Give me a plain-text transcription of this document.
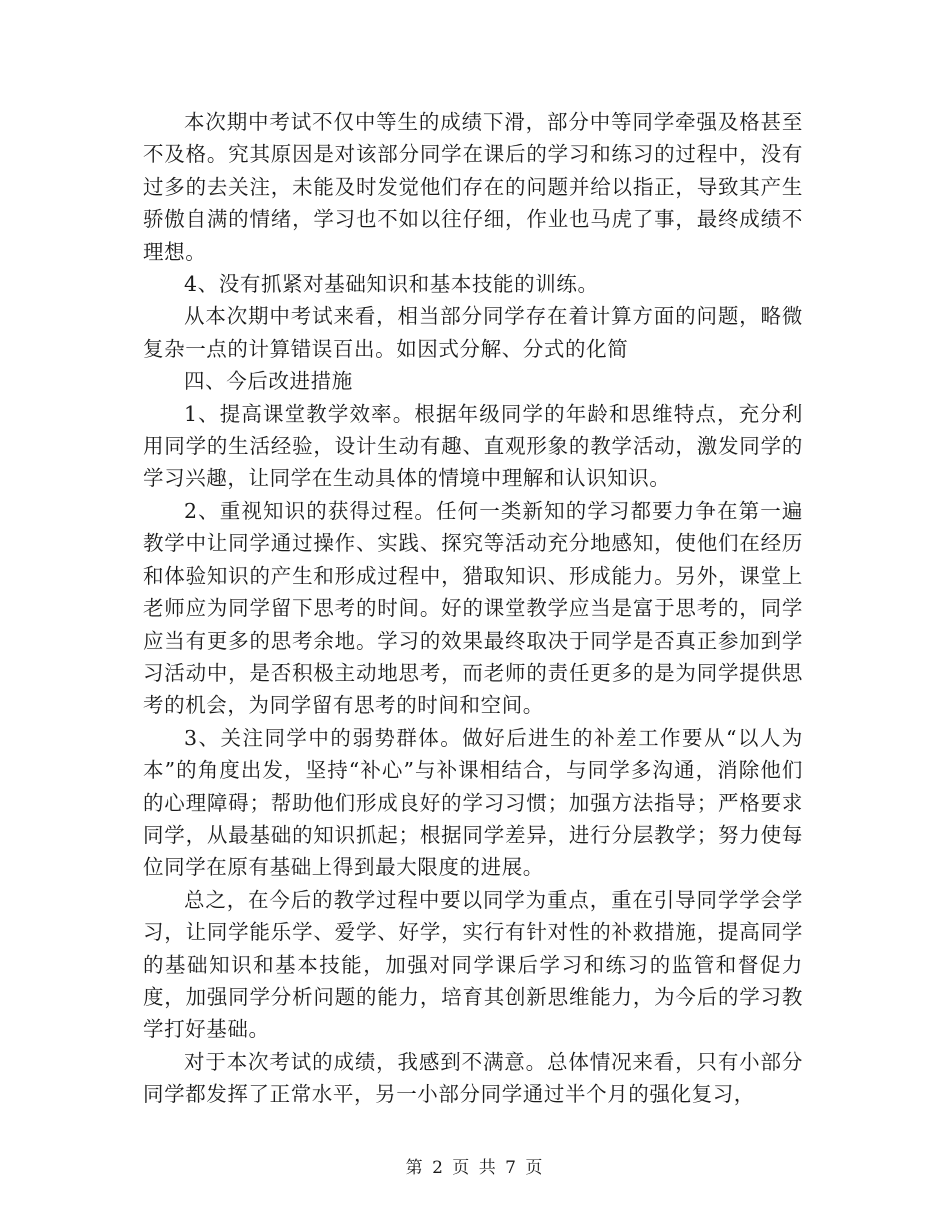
本次期中考试不仅中等生的成绩下滑，部分中等同学牵强及格甚至不及格。究其原因是对该部分同学在课后的学习和练习的过程中，没有过多的去关注，未能及时发觉他们存在的问题并给以指正，导致其产生骄傲自满的情绪，学习也不如以往仔细，作业也马虎了事，最终成绩不理想。

4、没有抓紧对基础知识和基本技能的训练。

从本次期中考试来看，相当部分同学存在着计算方面的问题，略微复杂一点的计算错误百出。如因式分解、分式的化简

四、今后改进措施

1、提高课堂教学效率。根据年级同学的年龄和思维特点，充分利用同学的生活经验，设计生动有趣、直观形象的教学活动，激发同学的学习兴趣，让同学在生动具体的情境中理解和认识知识。

2、重视知识的获得过程。任何一类新知的学习都要力争在第一遍教学中让同学通过操作、实践、探究等活动充分地感知，使他们在经历和体验知识的产生和形成过程中，猎取知识、形成能力。另外，课堂上老师应为同学留下思考的时间。好的课堂教学应当是富于思考的，同学应当有更多的思考余地。学习的效果最终取决于同学是否真正参加到学习活动中，是否积极主动地思考，而老师的责任更多的是为同学提供思考的机会，为同学留有思考的时间和空间。

3、关注同学中的弱势群体。做好后进生的补差工作要从“以人为本”的角度出发，坚持“补心”与补课相结合，与同学多沟通，消除他们的心理障碍；帮助他们形成良好的学习习惯；加强方法指导；严格要求同学，从最基础的知识抓起；根据同学差异，进行分层教学；努力使每位同学在原有基础上得到最大限度的进展。

总之，在今后的教学过程中要以同学为重点，重在引导同学学会学习，让同学能乐学、爱学、好学，实行有针对性的补救措施，提高同学的基础知识和基本技能，加强对同学课后学习和练习的监管和督促力度，加强同学分析问题的能力，培育其创新思维能力，为今后的学习教学打好基础。

对于本次考试的成绩，我感到不满意。总体情况来看，只有小部分同学都发挥了正常水平，另一小部分同学通过半个月的强化复习，

第 2 页 共 7 页
